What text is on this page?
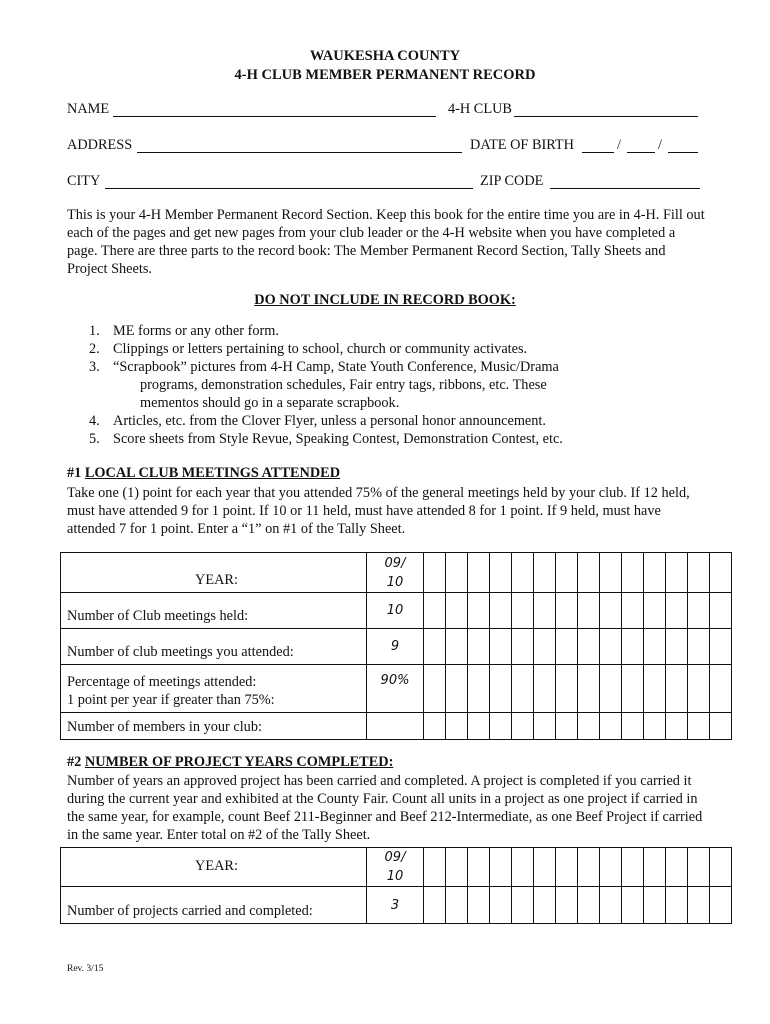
WAUKESHA COUNTY
4-H CLUB MEMBER PERMANENT RECORD
NAME	4-H CLUB
ADDRESS	DATE OF BIRTH	/	/
CITY	ZIP CODE
This is your 4-H Member Permanent Record Section. Keep this book for the entire time you are in 4-H. Fill out each of the pages and get new pages from your club leader or the 4-H website when you have completed a page. There are three parts to the record book: The Member Permanent Record Section, Tally Sheets and Project Sheets.
DO NOT INCLUDE IN RECORD BOOK:
1. ME forms or any other form.
2. Clippings or letters pertaining to school, church or community activates.
3. “Scrapbook” pictures from 4-H Camp, State Youth Conference, Music/Drama
programs, demonstration schedules, Fair entry tags, ribbons, etc. These
mementos should go in a separate scrapbook.
4. Articles, etc. from the Clover Flyer, unless a personal honor announcement.
5. Score sheets from Style Revue, Speaking Contest, Demonstration Contest, etc.
#1 LOCAL CLUB MEETINGS ATTENDED
Take one (1) point for each year that you attended 75% of the general meetings held by your club. If 12 held, must have attended 9 for 1 point. If 10 or 11 held, must have attended 8 for 1 point. If 9 held, must have attended 7 for 1 point. Enter a “1” on #1 of the Tally Sheet.
YEAR:	09/
10														
Number of Club meetings held:	10														
Number of club meetings you attended:	9														
Percentage of meetings attended:
1 point per year if greater than 75%:	90%														
Number of members in your club:															
#2 NUMBER OF PROJECT YEARS COMPLETED:
Number of years an approved project has been carried and completed. A project is completed if you carried it during the current year and exhibited at the County Fair. Count all units in a project as one project if carried in the same year, for example, count Beef 211-Beginner and Beef 212-Intermediate, as one Beef Project if carried in the same year. Enter total on #2 of the Tally Sheet.
YEAR:	09/
10														
Number of projects carried and completed:	3														
Rev. 3/15
